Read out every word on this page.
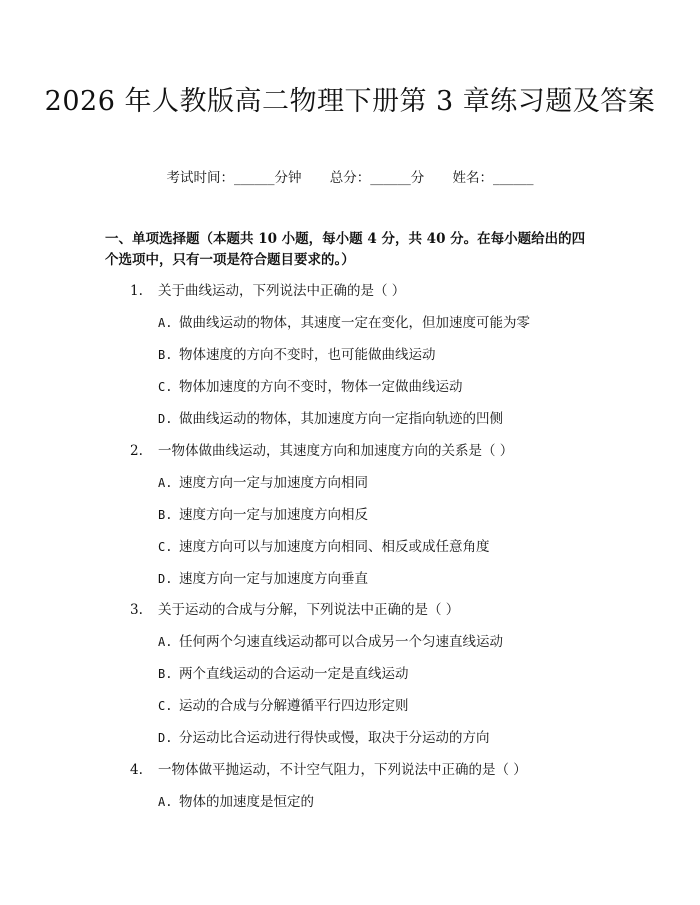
2026 年人教版高二物理下册第 3 章练习题及答案
考试时间：______分钟 总分：______分 姓名：______
一、单项选择题（本题共 10 小题，每小题 4 分，共 40 分。在每小题给出的四个选项中，只有一项是符合题目要求的。）
1. 关于曲线运动，下列说法中正确的是（ ）
A. 做曲线运动的物体，其速度一定在变化，但加速度可能为零
B. 物体速度的方向不变时，也可能做曲线运动
C. 物体加速度的方向不变时，物体一定做曲线运动
D. 做曲线运动的物体，其加速度方向一定指向轨迹的凹侧
2. 一物体做曲线运动，其速度方向和加速度方向的关系是（ ）
A. 速度方向一定与加速度方向相同
B. 速度方向一定与加速度方向相反
C. 速度方向可以与加速度方向相同、相反或成任意角度
D. 速度方向一定与加速度方向垂直
3. 关于运动的合成与分解，下列说法中正确的是（ ）
A. 任何两个匀速直线运动都可以合成另一个匀速直线运动
B. 两个直线运动的合运动一定是直线运动
C. 运动的合成与分解遵循平行四边形定则
D. 分运动比合运动进行得快或慢，取决于分运动的方向
4. 一物体做平抛运动，不计空气阻力，下列说法中正确的是（ ）
A. 物体的加速度是恒定的
